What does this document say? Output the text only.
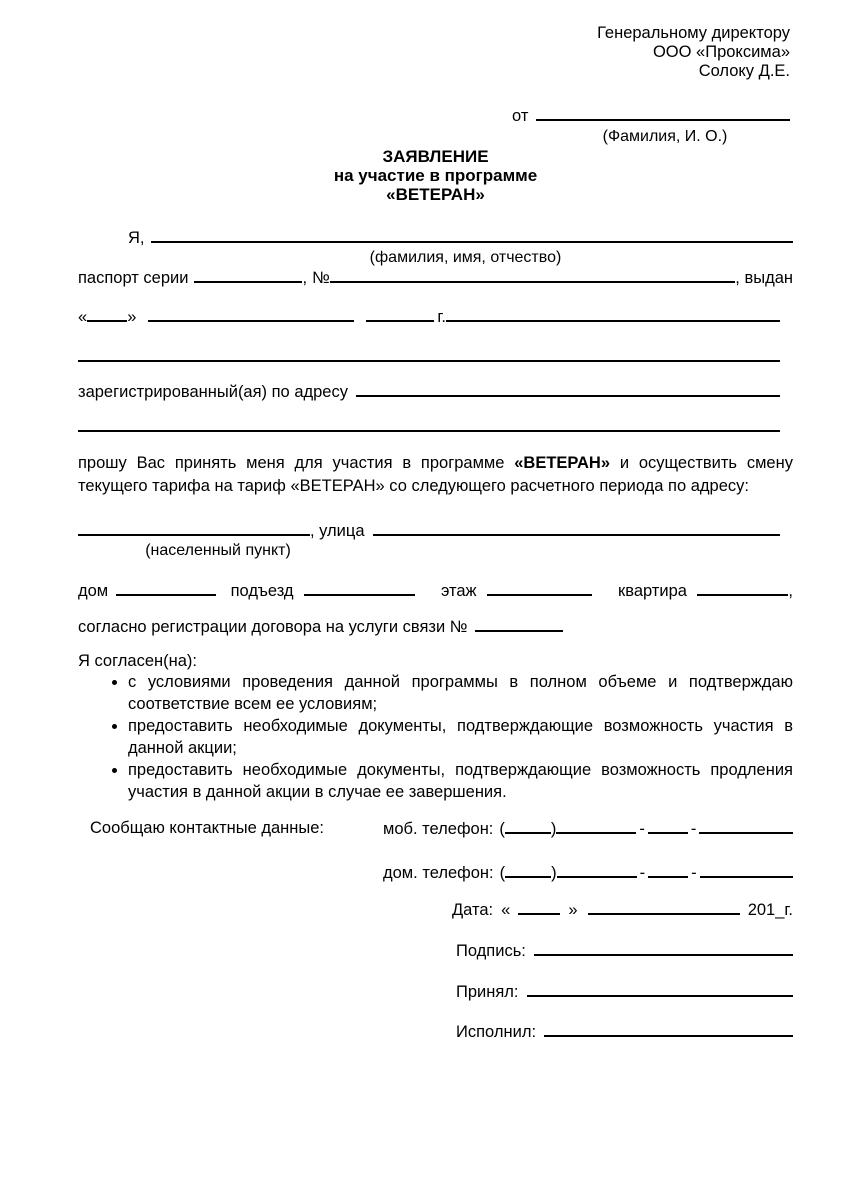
Генеральному директору
ООО «Проксима»
Солоку Д.Е.
от
(Фамилия, И. О.)
ЗАЯВЛЕНИЕ
на участие в программе
«ВЕТЕРАН»
Я,
(фамилия, имя, отчество)
паспорт серии	, №	, выдан
« »	г.
зарегистрированный(ая) по адресу
прошу Вас принять меня для участия в программе «ВЕТЕРАН» и осуществить смену текущего тарифа на тариф «ВЕТЕРАН» со следующего расчетного периода по адресу:
, улица
(населенный пункт)
дом	подъезд	этаж	квартира	,
согласно регистрации договора на услуги связи №
Я согласен(на):
• с условиями проведения данной программы в полном объеме и подтверждаю соответствие всем ее условиям;
• предоставить необходимые документы, подтверждающие возможность участия в данной акции;
• предоставить необходимые документы, подтверждающие возможность продления участия в данной акции в случае ее завершения.
Сообщаю контактные данные:	моб. телефон: (	)	-	-
дом. телефон: (	)	-	-
Дата: «	»	201_г.
Подпись:
Принял:
Исполнил:
